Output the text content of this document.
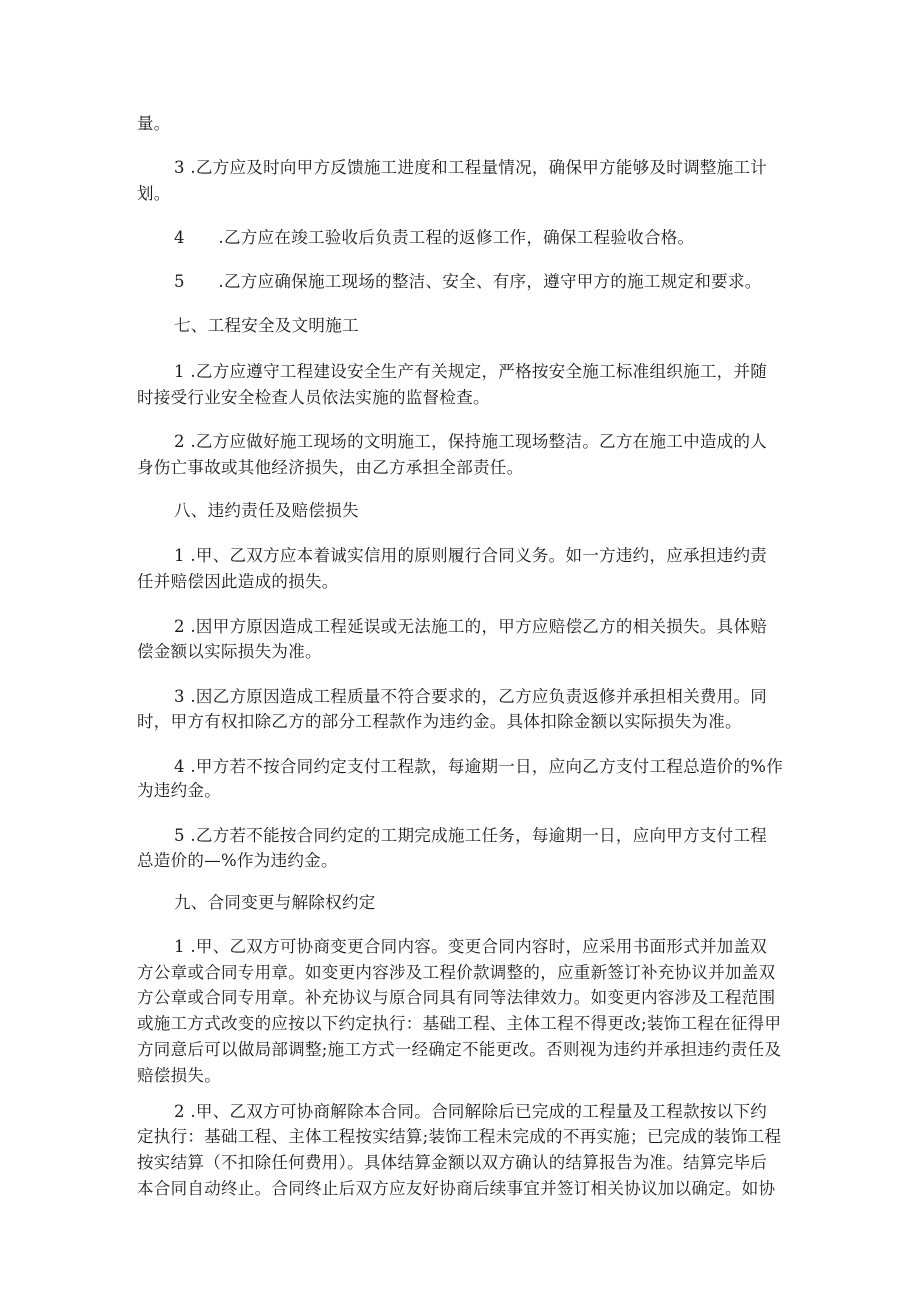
量。
3 .乙方应及时向甲方反馈施工进度和工程量情况，确保甲方能够及时调整施工计
划。
4　　.乙方应在竣工验收后负责工程的返修工作，确保工程验收合格。
5　　.乙方应确保施工现场的整洁、安全、有序，遵守甲方的施工规定和要求。
七、工程安全及文明施工
1 .乙方应遵守工程建设安全生产有关规定，严格按安全施工标准组织施工，并随
时接受行业安全检查人员依法实施的监督检查。
2 .乙方应做好施工现场的文明施工，保持施工现场整洁。乙方在施工中造成的人
身伤亡事故或其他经济损失，由乙方承担全部责任。
八、违约责任及赔偿损失
1 .甲、乙双方应本着诚实信用的原则履行合同义务。如一方违约，应承担违约责
任并赔偿因此造成的损失。
2 .因甲方原因造成工程延误或无法施工的，甲方应赔偿乙方的相关损失。具体赔
偿金额以实际损失为准。
3 .因乙方原因造成工程质量不符合要求的，乙方应负责返修并承担相关费用。同
时，甲方有权扣除乙方的部分工程款作为违约金。具体扣除金额以实际损失为准。
4 .甲方若不按合同约定支付工程款，每逾期一日，应向乙方支付工程总造价的%作
为违约金。
5 .乙方若不能按合同约定的工期完成施工任务，每逾期一日，应向甲方支付工程
总造价的—%作为违约金。
九、合同变更与解除权约定
1 .甲、乙双方可协商变更合同内容。变更合同内容时，应采用书面形式并加盖双
方公章或合同专用章。如变更内容涉及工程价款调整的，应重新签订补充协议并加盖双
方公章或合同专用章。补充协议与原合同具有同等法律效力。如变更内容涉及工程范围
或施工方式改变的应按以下约定执行：基础工程、主体工程不得更改;装饰工程在征得甲
方同意后可以做局部调整;施工方式一经确定不能更改。否则视为违约并承担违约责任及
赔偿损失。
2 .甲、乙双方可协商解除本合同。合同解除后已完成的工程量及工程款按以下约
定执行：基础工程、主体工程按实结算;装饰工程未完成的不再实施；已完成的装饰工程
按实结算（不扣除任何费用）。具体结算金额以双方确认的结算报告为准。结算完毕后
本合同自动终止。合同终止后双方应友好协商后续事宜并签订相关协议加以确定。如协
